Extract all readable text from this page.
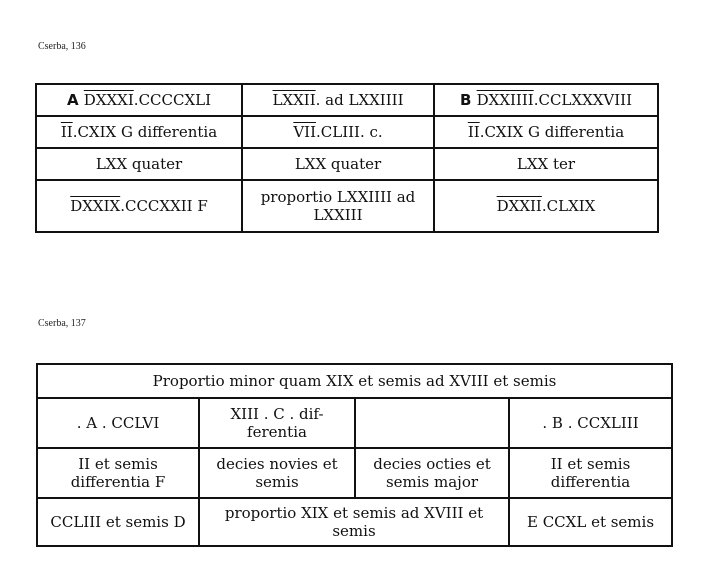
Cserba, 136
A DXXXI.CCCCXLI	LXXII. ad LXXIIII	B DXXIIII.CCLXXXVIII
$\overline{II}.CXIX$ G differentia	$\overline{VII}.CLIII$. c.	$\overline{II}.CXIX$ G differentia
LXX quater	LXX quater	LXX ter
DXXIX.CCCXXII F	proportio LXXIIII ad LXXIII	DXXII.CLXIX
Cserba, 137
Proportio minor quam XIX et semis ad XVIII et semis			
. A . CCLVI	XIII . C . dif-ferentia		. B . CCXLIII
II et semis differentia F	decies novies et semis	decies octies et semis major	II et semis differentia
CCLIII et semis D	proportio XIX et semis ad XVIII et semis		E CCXL et semis
